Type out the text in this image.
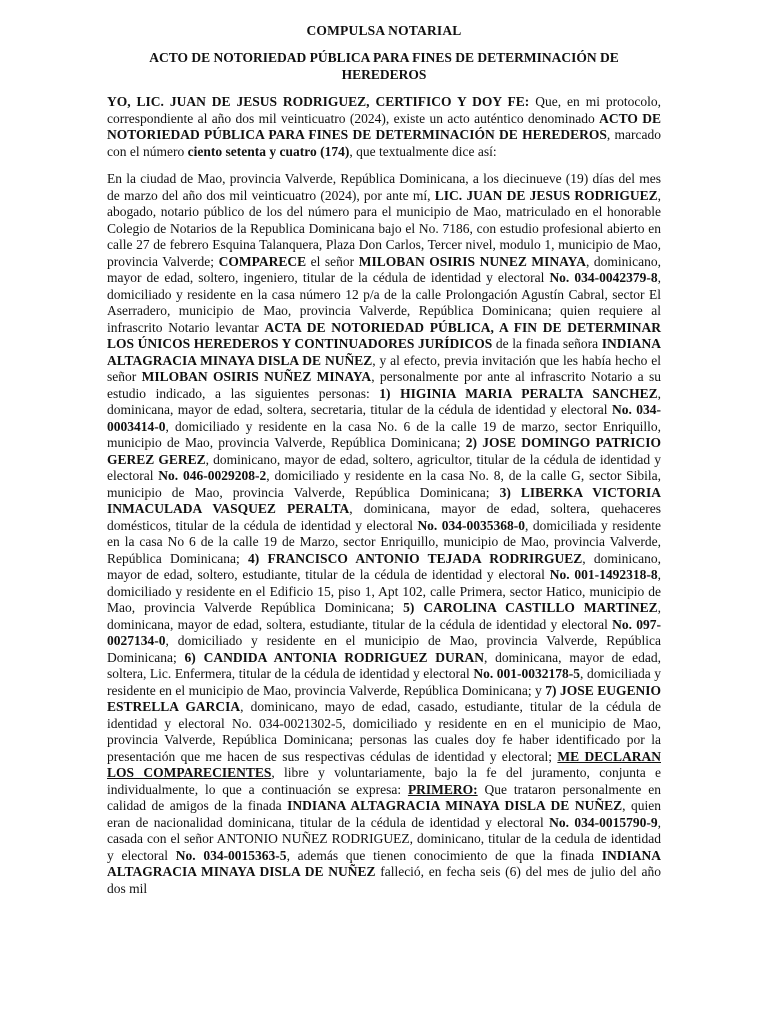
COMPULSA NOTARIAL
ACTO DE NOTORIEDAD PÚBLICA PARA FINES DE DETERMINACIÓN DE HEREDEROS

YO, LIC. JUAN DE JESUS RODRIGUEZ, CERTIFICO Y DOY FE: Que, en mi protocolo, correspondiente al año dos mil veinticuatro (2024), existe un acto auténtico denominado ACTO DE NOTORIEDAD PÚBLICA PARA FINES DE DETERMINACIÓN DE HEREDEROS, marcado con el número ciento setenta y cuatro (174), que textualmente dice así:

En la ciudad de Mao, provincia Valverde, República Dominicana, a los diecinueve (19) días del mes de marzo del año dos mil veinticuatro (2024), por ante mí, LIC. JUAN DE JESUS RODRIGUEZ, abogado, notario público de los del número para el municipio de Mao, matriculado en el honorable Colegio de Notarios de la Republica Dominicana bajo el No. 7186, con estudio profesional abierto en calle 27 de febrero Esquina Talanquera, Plaza Don Carlos, Tercer nivel, modulo 1, municipio de Mao, provincia Valverde; COMPARECE el señor MILOBAN OSIRIS NUNEZ MINAYA, dominicano, mayor de edad, soltero, ingeniero, titular de la cédula de identidad y electoral No. 034-0042379-8, domiciliado y residente en la casa número 12 p/a de la calle Prolongación Agustín Cabral, sector El Aserradero, municipio de Mao, provincia Valverde, República Dominicana; quien requiere al infrascrito Notario levantar ACTA DE NOTORIEDAD PÚBLICA, A FIN DE DETERMINAR LOS ÚNICOS HEREDEROS Y CONTINUADORES JURÍDICOS de la finada señora INDIANA ALTAGRACIA MINAYA DISLA DE NUÑEZ, y al efecto, previa invitación que les había hecho el señor MILOBAN OSIRIS NUÑEZ MINAYA, personalmente por ante al infrascrito Notario a su estudio indicado, a las siguientes personas: 1) HIGINIA MARIA PERALTA SANCHEZ, dominicana, mayor de edad, soltera, secretaria, titular de la cédula de identidad y electoral No. 034-0003414-0, domiciliado y residente en la casa No. 6 de la calle 19 de marzo, sector Enriquillo, municipio de Mao, provincia Valverde, República Dominicana; 2) JOSE DOMINGO PATRICIO GEREZ GEREZ, dominicano, mayor de edad, soltero, agricultor, titular de la cédula de identidad y electoral No. 046-0029208-2, domiciliado y residente en la casa No. 8, de la calle G, sector Sibila, municipio de Mao, provincia Valverde, República Dominicana; 3) LIBERKA VICTORIA INMACULADA VASQUEZ PERALTA, dominicana, mayor de edad, soltera, quehaceres domésticos, titular de la cédula de identidad y electoral No. 034-0035368-0, domiciliada y residente en la casa No 6 de la calle 19 de Marzo, sector Enriquillo, municipio de Mao, provincia Valverde, República Dominicana; 4) FRANCISCO ANTONIO TEJADA RODRIRGUEZ, dominicano, mayor de edad, soltero, estudiante, titular de la cédula de identidad y electoral No. 001-1492318-8, domiciliado y residente en el Edificio 15, piso 1, Apt 102, calle Primera, sector Hatico, municipio de Mao, provincia Valverde República Dominicana; 5) CAROLINA CASTILLO MARTINEZ, dominicana, mayor de edad, soltera, estudiante, titular de la cédula de identidad y electoral No. 097-0027134-0, domiciliado y residente en el municipio de Mao, provincia Valverde, República Dominicana; 6) CANDIDA ANTONIA RODRIGUEZ DURAN, dominicana, mayor de edad, soltera, Lic. Enfermera, titular de la cédula de identidad y electoral No. 001-0032178-5, domiciliada y residente en el municipio de Mao, provincia Valverde, República Dominicana; y 7) JOSE EUGENIO ESTRELLA GARCIA, dominicano, mayo de edad, casado, estudiante, titular de la cédula de identidad y electoral No. 034-0021302-5, domiciliado y residente en en el municipio de Mao, provincia Valverde, República Dominicana; personas las cuales doy fe haber identificado por la presentación que me hacen de sus respectivas cédulas de identidad y electoral; ME DECLARAN LOS COMPARECIENTES, libre y voluntariamente, bajo la fe del juramento, conjunta e individualmente, lo que a continuación se expresa: PRIMERO: Que trataron personalmente en calidad de amigos de la finada INDIANA ALTAGRACIA MINAYA DISLA DE NUÑEZ, quien eran de nacionalidad dominicana, titular de la cédula de identidad y electoral No. 034-0015790-9, casada con el señor ANTONIO NUÑEZ RODRIGUEZ, dominicano, titular de la cedula de identidad y electoral No. 034-0015363-5, además que tienen conocimiento de que la finada INDIANA ALTAGRACIA MINAYA DISLA DE NUÑEZ falleció, en fecha seis (6) del mes de julio del año dos mil
